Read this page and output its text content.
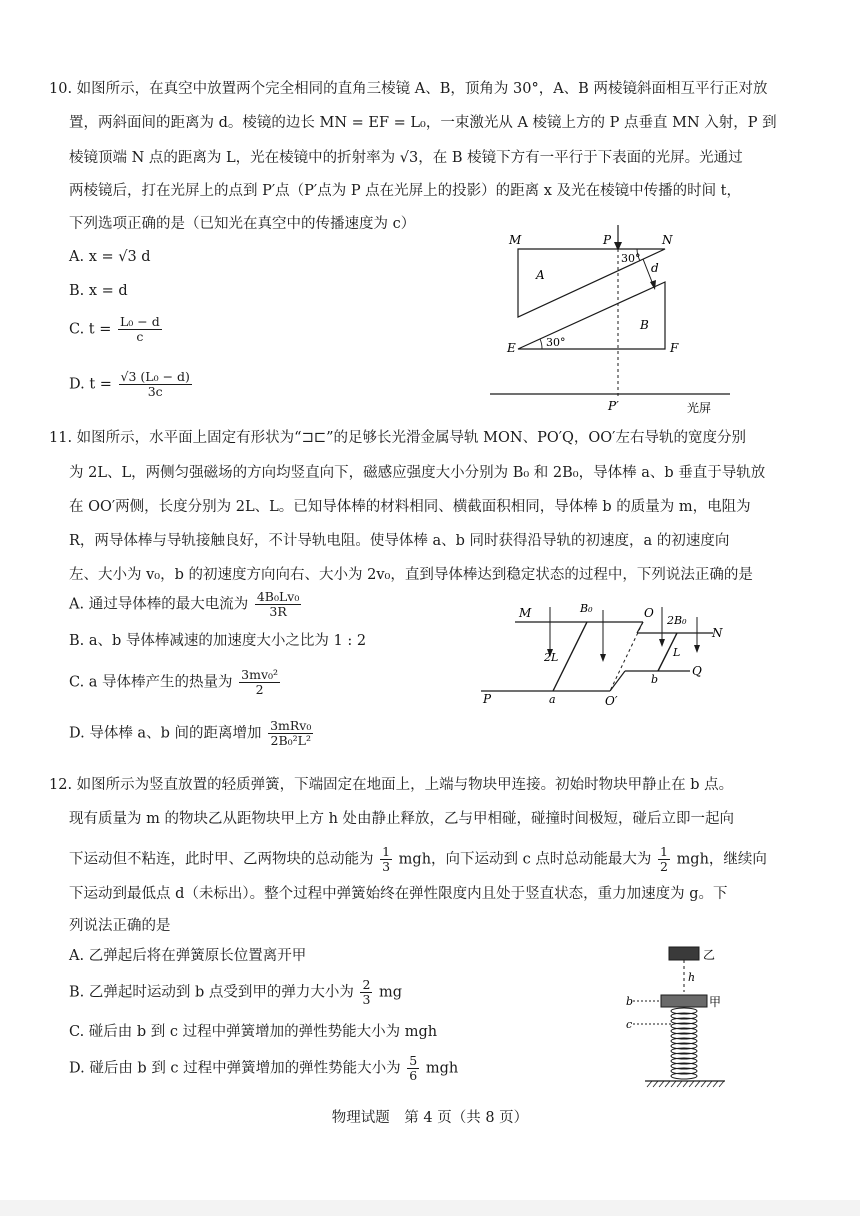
10. 如图所示，在真空中放置两个完全相同的直角三棱镜 A、B，顶角为 30°，A、B 两棱镜斜面相互平行正对放
置，两斜面间的距离为 d。棱镜的边长 MN = EF = L₀，一束激光从 A 棱镜上方的 P 点垂直 MN 入射，P 到
棱镜顶端 N 点的距离为 L，光在棱镜中的折射率为 √3，在 B 棱镜下方有一平行于下表面的光屏。光通过
两棱镜后，打在光屏上的点到 P′点（P′点为 P 点在光屏上的投影）的距离 x 及光在棱镜中传播的时间 t，
下列选项正确的是（已知光在真空中的传播速度为 c）
A. x = √3 d
B. x = d
C. $t = \frac{\text{L₀ − d}}{c}$
D. $t = \frac{\text{√3 (L₀ − d)}}{3c}$
M	P	N
30°
d
A
B
E	30°	F
P′	光屏
11. 如图所示，水平面上固定有形状为“⊐⊏”的足够长光滑金属导轨 MON、PO′Q，OO′左右导轨的宽度分别
为 2L、L，两侧匀强磁场的方向均竖直向下，磁感应强度大小分别为 B₀ 和 2B₀，导体棒 a、b 垂直于导轨放
在 OO′两侧，长度分别为 2L、L。已知导体棒的材料相同、横截面积相同，导体棒 b 的质量为 m，电阻为
R，两导体棒与导轨接触良好，不计导轨电阻。使导体棒 a、b 同时获得沿导轨的初速度，a 的初速度向
左、大小为 v₀，b 的初速度方向向右、大小为 2v₀，直到导体棒达到稳定状态的过程中，下列说法正确的是
A. 通过导体棒的最大电流为 $\frac{\text{4B₀Lv₀}}{3R}$
B. a、b 导体棒减速的加速度大小之比为 1 : 2
C. a 导体棒产生的热量为 $\frac{\text{3mv₀²}}{2}$
D. 导体棒 a、b 间的距离增加 $\frac{\text{3mRv₀}}{\text{2B₀²L²}}$
M	B₀	O
2B₀
N
2L	L
Q
b
P	a	O′
12. 如图所示为竖直放置的轻质弹簧，下端固定在地面上，上端与物块甲连接。初始时物块甲静止在 b 点。
现有质量为 m 的物块乙从距物块甲上方 h 处由静止释放，乙与甲相碰，碰撞时间极短，碰后立即一起向
下运动但不粘连，此时甲、乙两物块的总动能为 $\frac{1}{3}$ mgh，向下运动到 c 点时总动能最大为 $\frac{1}{2}$ mgh，继续向
下运动到最低点 d（未标出）。整个过程中弹簧始终在弹性限度内且处于竖直状态，重力加速度为 g。下
列说法正确的是
A. 乙弹起后将在弹簧原长位置离开甲
B. 乙弹起时运动到 b 点受到甲的弹力大小为 $\frac{2}{3}$ mg
C. 碰后由 b 到 c 过程中弹簧增加的弹性势能大小为 mgh
D. 碰后由 b 到 c 过程中弹簧增加的弹性势能大小为 $\frac{5}{6}$ mgh
乙
h
b	甲
c
物理试题　第 4 页（共 8 页）
